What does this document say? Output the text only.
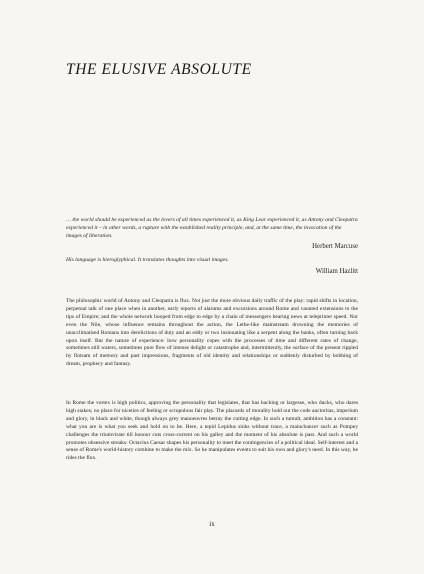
THE ELUSIVE ABSOLUTE
… the world should be experienced as the lovers of all times experienced it, as King Lear experienced it, as Antony and Cleopatra experienced it – in other words, a rupture with the established reality principle, and, at the same time, the invocation of the images of liberation.
Herbert Marcuse
His language is hieroglyphical. It translates thoughts into visual images.
William Hazlitt

The philosophic world of Antony and Cleopatra is flux. Not just the more obvious daily traffic of the play: rapid shifts in location, perpetual talk of one place when in another, early reports of alarums and excursions around Rome and vaunted extensions to the tips of Empire; and the whole network hooped from edge to edge by a chain of messengers bearing news at teleprinter speed. Nor even the Nile, whose influence remains throughout the action, the Lethe-like mainstream drowning the memories of unacclimatised Romans into derelictions of duty and an eddy or two insinuating like a serpent along the banks, often turning back upon itself. But the nature of experience: how personality copes with the processes of time and different rates of change, sometimes still waters, sometimes pure flow of intense delight or catastrophe and, intermittently, the surface of the present rippled by flotsam of memory and past impressions, fragments of old identity and relationships or suddenly disturbed by bobbing of dream, prophecy and fantasy.

In Rome the vortex is high politics, approving the personality that legislates, that has backing or largesse, who ducks, who dares high stakes; no place for niceties of feeling or scrupulous fair play. The placards of morality hold out the code auctoritas, imperium and glory, in black and white, though always grey manoeuvres betray the cutting edge. In such a tumult, ambition has a constant: what you are is what you seek and hold on to be. Here, a tepid Lepidus sinks without trace, a mainchancer such as Pompey challenges the triumvirate till honour cuts cross-current on his galley and the moment of his absolute is past. And such a world promotes obsessive streaks: Octavius Caesar shapes his personality to meet the contingencies of a political ideal. Self-interest and a sense of Rome's world-history combine to make the mix. So he manipulates events to suit his own and glory's need. In this way, he rides the flux.

ix
